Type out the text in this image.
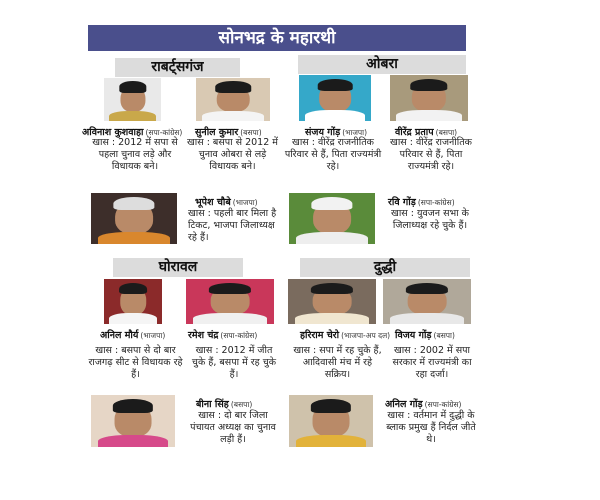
सोनभद्र के महारथी
राबर्ट्सगंज	ओबरा
घोरावल	दुद्धी
अविनाश कुशवाहा (सपा-कांग्रेस)
खास : 2012 में सपा से पहला चुनाव लड़े और विधायक बने।
सुनील कुमार (बसपा)
खास : बसपा से 2012 में चुनाव ओबरा से लड़े विधायक बने।
संजय गोंड़ (भाजपा)
खास : वीरेंद्र राजनीतिक परिवार से हैं, पिता राज्यमंत्री रहे।
वीरेंद्र प्रताप (बसपा)
खास : वीरेंद्र राजनीतिक परिवार से हैं, पिता राज्यमंत्री रहे।
भूपेश चौबे (भाजपा)
खास : पहली बार मिला है टिकट, भाजपा जिलाध्यक्ष रहे हैं।
रवि गोंड़ (सपा-कांग्रेस)
खास : युवजन सभा के जिलाध्यक्ष रहे चुके हैं।
अनिल मौर्य (भाजपा)
खास : बसपा से दो बार राजगढ़ सीट से विधायक रहे हैं।
रमेश चंद्र (सपा-कांग्रेस)
खास : 2012 में जीत चुके हैं, बसपा में रह चुके हैं।
हरिराम चेरो (भाजपा-अप दल)
खास : सपा में रह चुके हैं, आदिवासी मंच में रहे सक्रिय।
विजय गोंड़ (बसपा)
खास : 2002 में सपा सरकार में राज्यमंत्री का रहा दर्जा।
बीना सिंह (बसपा)
खास : दो बार जिला पंचायत अध्यक्ष का चुनाव लड़ी हैं।
अनिल गोंड़ (सपा-कांग्रेस)
खास : वर्तमान में दुद्धी के ब्लाक प्रमुख हैं निर्दल जीते थे।
